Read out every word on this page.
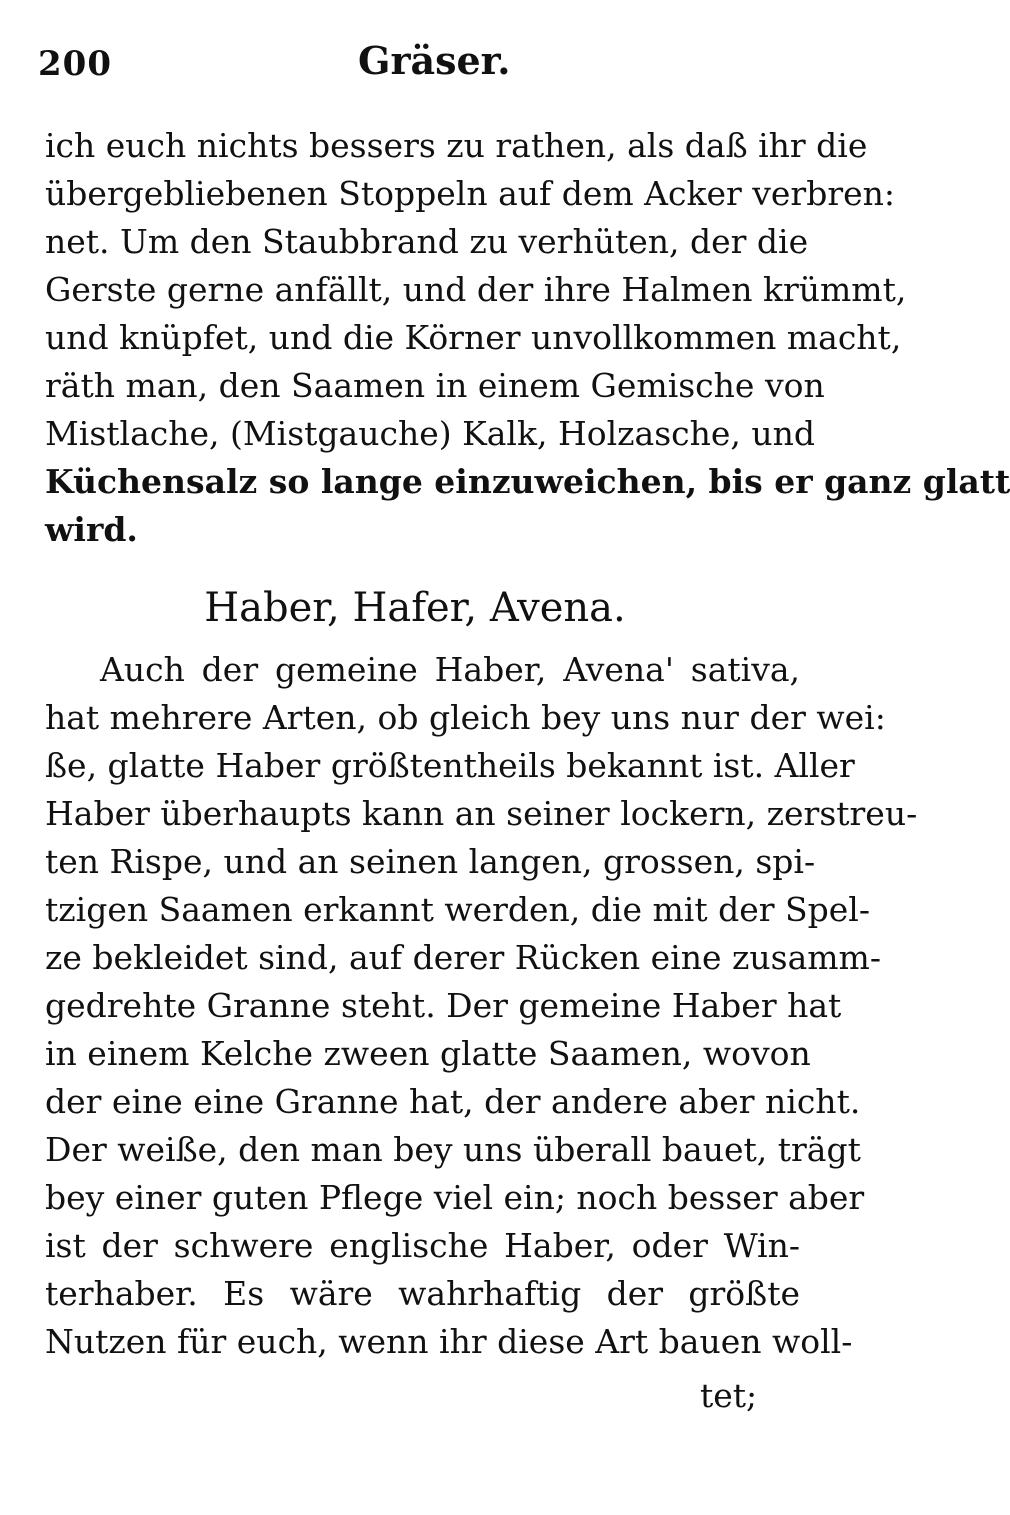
200	Gräser.
ich euch nichts bessers zu rathen, als daß ihr die
übergebliebenen Stoppeln auf dem Acker verbren:
net. Um den Staubbrand zu verhüten, der die
Gerste gerne anfällt, und der ihre Halmen krümmt,
und knüpfet, und die Körner unvollkommen macht,
räth man, den Saamen in einem Gemische von
Mistlache, (Mistgauche) Kalk, Holzasche, und
Küchensalz so lange einzuweichen, bis er ganz glatt
wird.
Haber, Hafer, Avena.
Auch der gemeine Haber, Avena' sativa,
hat mehrere Arten, ob gleich bey uns nur der wei:
ße, glatte Haber größtentheils bekannt ist. Aller
Haber überhaupts kann an seiner lockern, zerstreu-
ten Rispe, und an seinen langen, grossen, spi-
tzigen Saamen erkannt werden, die mit der Spel-
ze bekleidet sind, auf derer Rücken eine zusamm-
gedrehte Granne steht. Der gemeine Haber hat
in einem Kelche zween glatte Saamen, wovon
der eine eine Granne hat, der andere aber nicht.
Der weiße, den man bey uns überall bauet, trägt
bey einer guten Pflege viel ein; noch besser aber
ist der schwere englische Haber, oder Win-
terhaber. Es wäre wahrhaftig der größte
Nutzen für euch, wenn ihr diese Art bauen woll-
tet;
